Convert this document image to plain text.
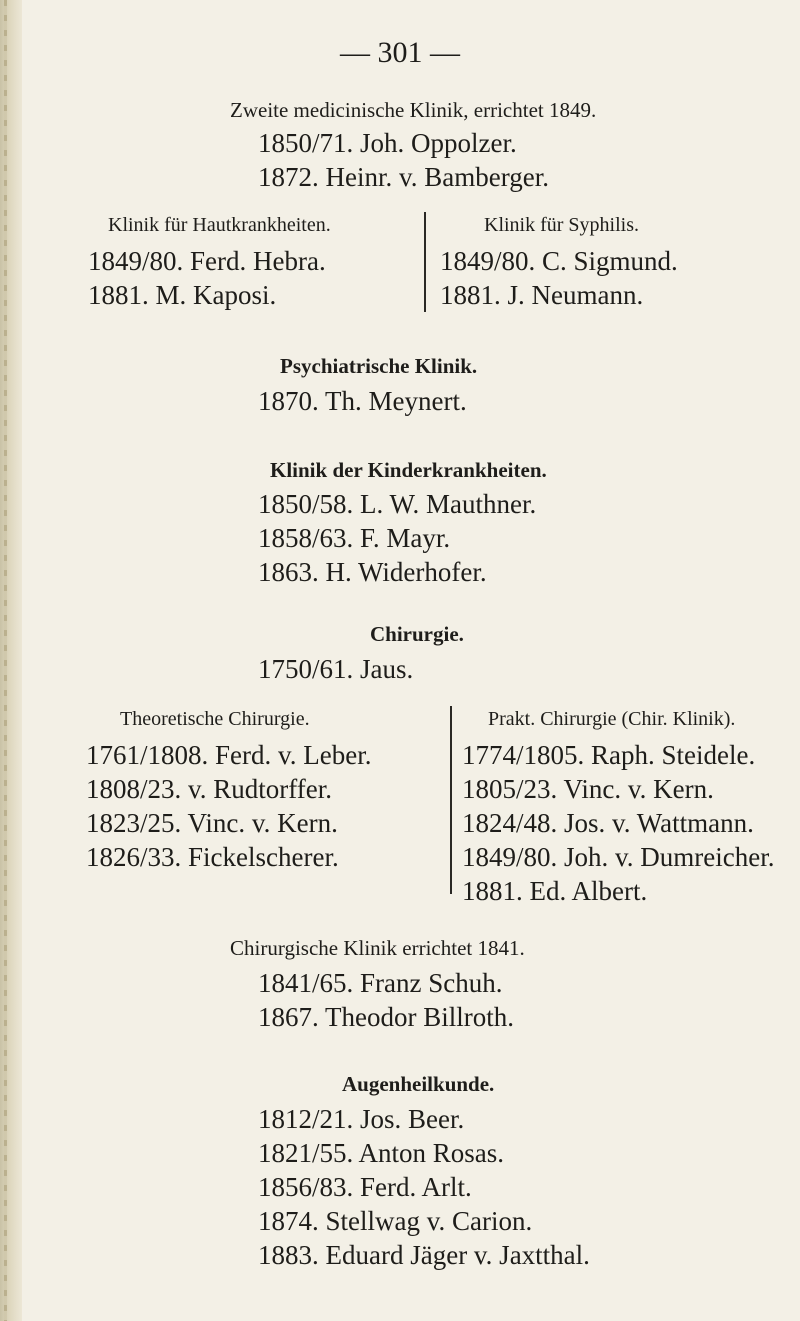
— 301 —
Zweite medicinische Klinik, errichtet 1849.
1850/71. Joh. Oppolzer.
1872. Heinr. v. Bamberger.
Klinik für Hautkrankheiten.
1849/80. Ferd. Hebra.
1881. M. Kaposi.
Klinik für Syphilis.
1849/80. C. Sigmund.
1881. J. Neumann.
Psychiatrische Klinik.
1870. Th. Meynert.
Klinik der Kinderkrankheiten.
1850/58. L. W. Mauthner.
1858/63. F. Mayr.
1863. H. Widerhofer.
Chirurgie.
1750/61. Jaus.
Theoretische Chirurgie.
1761/1808. Ferd. v. Leber.
1808/23. v. Rudtorffer.
1823/25. Vinc. v. Kern.
1826/33. Fickelscherer.
Prakt. Chirurgie (Chir. Klinik).
1774/1805. Raph. Steidele.
1805/23. Vinc. v. Kern.
1824/48. Jos. v. Wattmann.
1849/80. Joh. v. Dumreicher.
1881. Ed. Albert.
Chirurgische Klinik errichtet 1841.
1841/65. Franz Schuh.
1867. Theodor Billroth.
Augenheilkunde.
1812/21. Jos. Beer.
1821/55. Anton Rosas.
1856/83. Ferd. Arlt.
1874. Stellwag v. Carion.
1883. Eduard Jäger v. Jaxtthal.
